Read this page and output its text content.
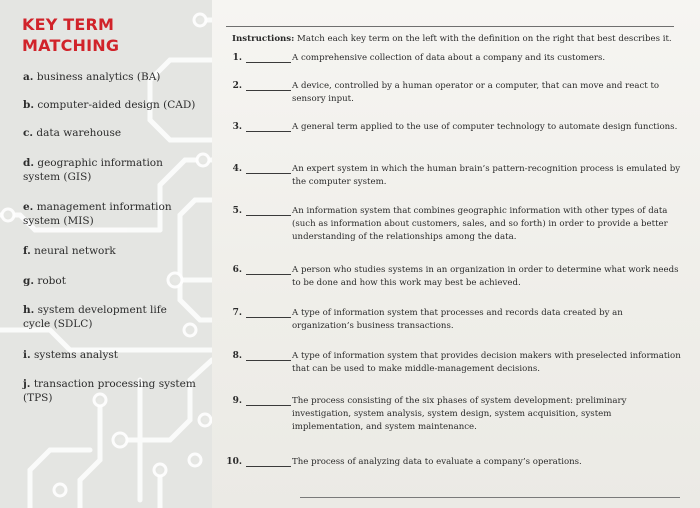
KEY TERM
MATCHING
a. business analytics (BA)
b. computer-aided design (CAD)
c. data warehouse
d. geographic information system (GIS)
e. management information system (MIS)
f. neural network
g. robot
h. system development life cycle (SDLC)
i. systems analyst
j. transaction processing system (TPS)
Instructions: Match each key term on the left with the definition on the right that best describes it.
1.	A comprehensive collection of data about a company and its customers.
2.	A device, controlled by a human operator or a computer, that can move and react to sensory input.
3.	A general term applied to the use of computer technology to automate design functions.
4.	An expert system in which the human brain’s pattern-recognition process is emulated by the computer system.
5.	An information system that combines geographic information with other types of data (such as information about customers, sales, and so forth) in order to provide a better understanding of the relationships among the data.
6.	A person who studies systems in an organization in order to determine what work needs to be done and how this work may best be achieved.
7.	A type of information system that processes and records data created by an organization’s business transactions.
8.	A type of information system that provides decision makers with preselected information that can be used to make middle-management decisions.
9.	The process consisting of the six phases of system development: preliminary investigation, system analysis, system design, system acquisition, system implementation, and system maintenance.
10.	The process of analyzing data to evaluate a company’s operations.
